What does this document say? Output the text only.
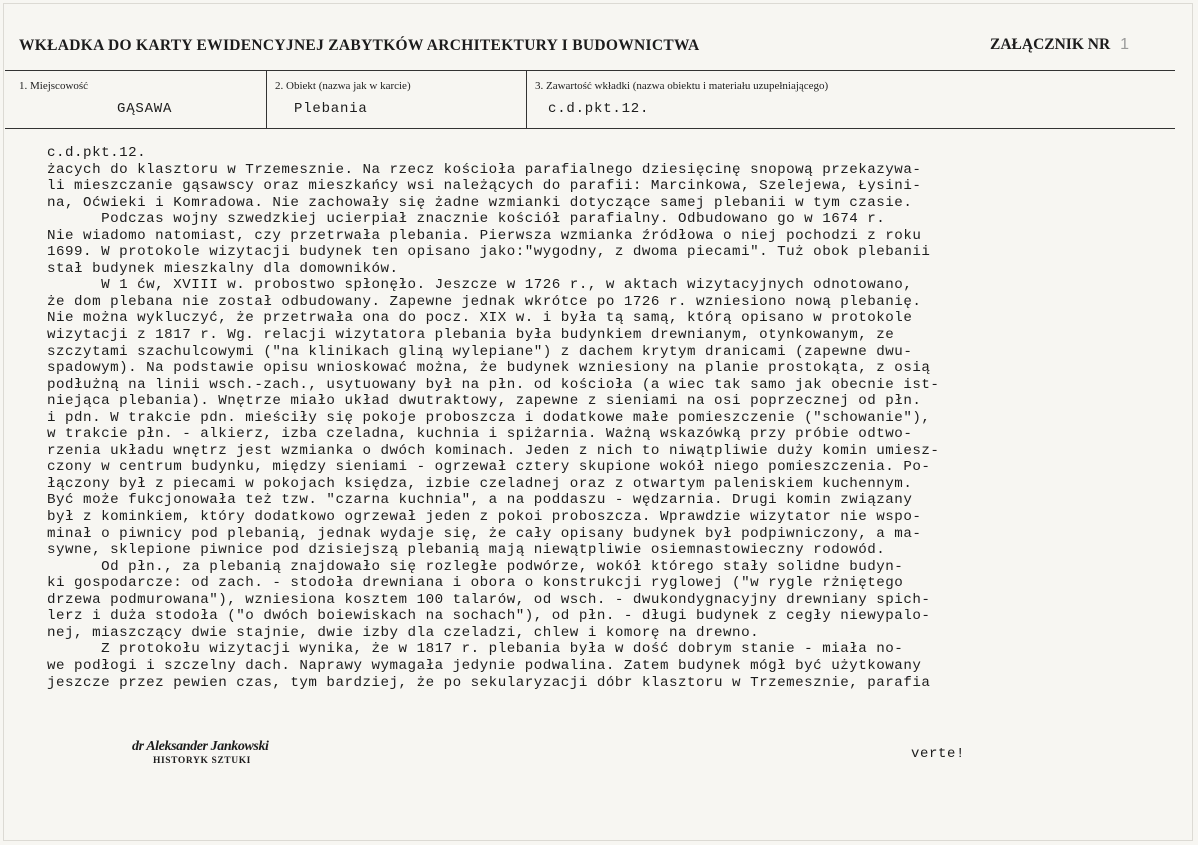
WKŁADKA DO KARTY EWIDENCYJNEJ ZABYTKÓW ARCHITEKTURY I BUDOWNICTWA	ZAŁĄCZNIK NR 1
1. Miejscowość
GĄSAWA
2. Obiekt (nazwa jak w karcie)
Plebania
3. Zawartość wkładki (nazwa obiektu i materiału uzupełniającego)
c.d.pkt.12.
c.d.pkt.12.
żacych do klasztoru w Trzemesznie. Na rzecz kościoła parafialnego dziesięcinę snopową przekazywa-
li mieszczanie gąsawscy oraz mieszkańcy wsi należących do parafii: Marcinkowa, Szelejewa, Łysini-
na, Oćwieki i Komradowa. Nie zachowały się żadne wzmianki dotyczące samej plebanii w tym czasie.
Podczas wojny szwedzkiej ucierpiał znacznie kościół parafialny. Odbudowano go w 1674 r.
Nie wiadomo natomiast, czy przetrwała plebania. Pierwsza wzmianka źródłowa o niej pochodzi z roku
1699. W protokole wizytacji budynek ten opisano jako:"wygodny, z dwoma piecami". Tuż obok plebanii
stał budynek mieszkalny dla domowników.
W 1 ćw, XVIII w. probostwo spłonęło. Jeszcze w 1726 r., w aktach wizytacyjnych odnotowano,
że dom plebana nie został odbudowany. Zapewne jednak wkrótce po 1726 r. wzniesiono nową plebanię.
Nie można wykluczyć, że przetrwała ona do pocz. XIX w. i była tą samą, którą opisano w protokole
wizytacji z 1817 r. Wg. relacji wizytatora plebania była budynkiem drewnianym, otynkowanym, ze
szczytami szachulcowymi ("na klinikach gliną wylepiane") z dachem krytym dranicami (zapewne dwu-
spadowym). Na podstawie opisu wnioskować można, że budynek wzniesiony na planie prostokąta, z osią
podłużną na linii wsch.-zach., usytuowany był na płn. od kościoła (a wiec tak samo jak obecnie ist-
niejąca plebania). Wnętrze miało układ dwutraktowy, zapewne z sieniami na osi poprzecznej od płn.
i pdn. W trakcie pdn. mieściły się pokoje proboszcza i dodatkowe małe pomieszczenie ("schowanie"),
w trakcie płn. - alkierz, izba czeladna, kuchnia i spiżarnia. Ważną wskazówką przy próbie odtwo-
rzenia układu wnętrz jest wzmianka o dwóch kominach. Jeden z nich to niwątpliwie duży komin umiesz-
czony w centrum budynku, między sieniami - ogrzewał cztery skupione wokół niego pomieszczenia. Po-
łączony był z piecami w pokojach księdza, izbie czeladnej oraz z otwartym paleniskiem kuchennym.
Być może fukcjonowała też tzw. "czarna kuchnia", a na poddaszu - wędzarnia. Drugi komin związany
był z kominkiem, który dodatkowo ogrzewał jeden z pokoi proboszcza. Wprawdzie wizytator nie wspo-
minał o piwnicy pod plebanią, jednak wydaje się, że cały opisany budynek był podpiwniczony, a ma-
sywne, sklepione piwnice pod dzisiejszą plebanią mają niewątpliwie osiemnastowieczny rodowód.
Od płn., za plebanią znajdowało się rozległe podwórze, wokół którego stały solidne budyn-
ki gospodarcze: od zach. - stodoła drewniana i obora o konstrukcji ryglowej ("w rygle rżniętego
drzewa podmurowana"), wzniesiona kosztem 100 talarów, od wsch. - dwukondygnacyjny drewniany spich-
lerz i duża stodoła ("o dwóch boiewiskach na sochach"), od płn. - długi budynek z cegły niewypalo-
nej, miaszczący dwie stajnie, dwie izby dla czeladzi, chlew i komorę na drewno.
Z protokołu wizytacji wynika, że w 1817 r. plebania była w dość dobrym stanie - miała no-
we podłogi i szczelny dach. Naprawy wymagała jedynie podwalina. Zatem budynek mógł być użytkowany
jeszcze przez pewien czas, tym bardziej, że po sekularyzacji dóbr klasztoru w Trzemesznie, parafia
dr Aleksander Jankowski
HISTORYK SZTUKI	verte!
